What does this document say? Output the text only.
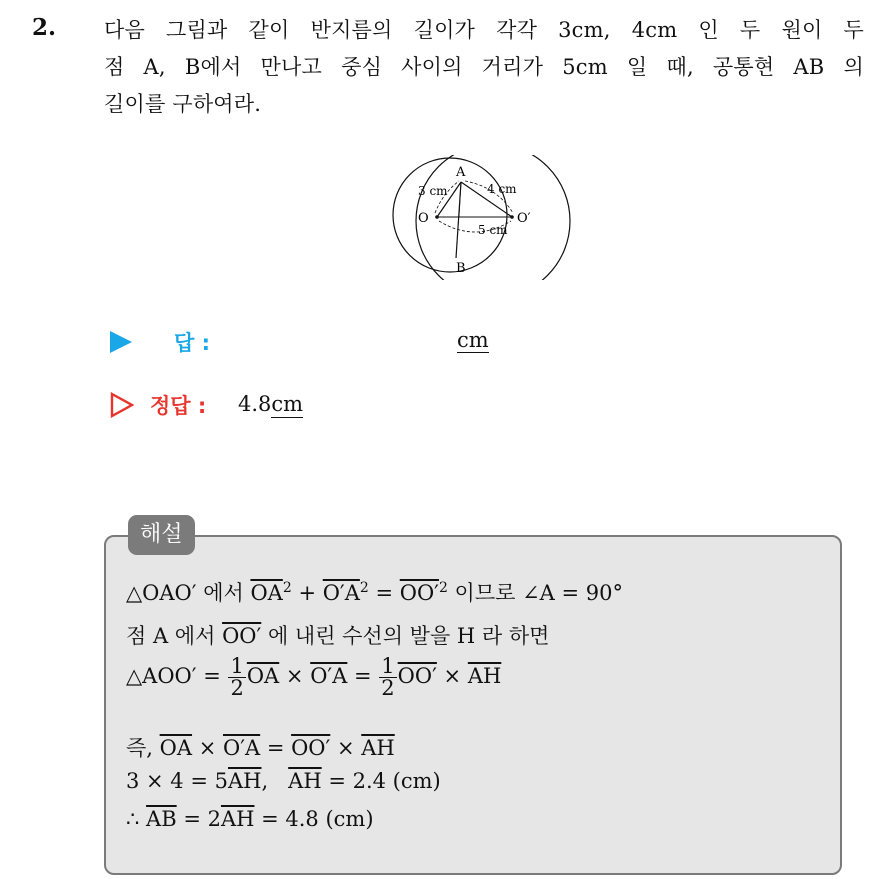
2. 다음 그림과 같이 반지름의 길이가 각각 3cm, 4cm 인 두 원이 두
점 A, B에서 만나고 중심 사이의 거리가 5cm 일 때, 공통현 AB 의
길이를 구하여라.
A
B
O	O′
3 cm	4 cm
5 cm
답 :	cm
정답 : 4.8cm
해설
△OAO′ 에서 $\overline{OA}^2 + O'A^2 = OO'^2$ 이므로 ∠A = 90°
점 A 에서 OO′ 에 내린 수선의 발을 H 라 하면
△AOO′ = $\frac{1}{2} \overline{OA} \times O'A = \frac{1}{2} OO' \times \overline{AH}$
즉, $\overline{OA} \times O'A = OO' \times \overline{AH}$
$3 \times 4 = 5\overline{AH}$,   $\overline{AH} = 2.4$ (cm)
∴ $\overline{AB} = 2\overline{AH} = 4.8$ (cm)
